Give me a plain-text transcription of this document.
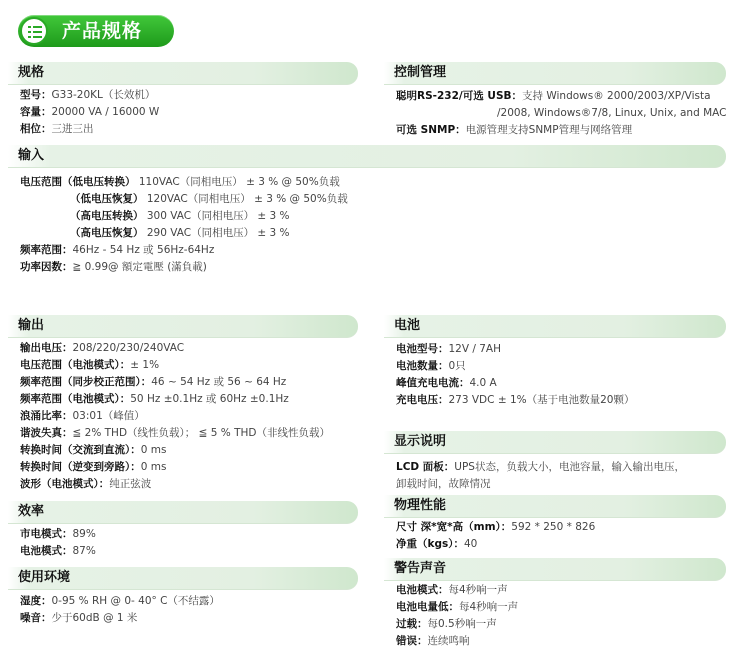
产品规格
规格	控制管理
输入
输出	电池
显示说明
物理性能
效率
警告声音
使用环境
型号：G33-20KL（长效机）
容量：20000 VA / 16000 W
相位：三进三出
聪明RS-232/可选 USB：支持 Windows® 2000/2003/XP/Vista
/2008, Windows®7/8, Linux, Unix, and MAC
可选 SNMP：电源管理支持SNMP管理与网络管理
电压范围（低电压转换） 110VAC（同相电压） ± 3 % @ 50%负载
（低电压恢复） 120VAC（同相电压） ± 3 % @ 50%负载
（高电压转换） 300 VAC（同相电压） ± 3 %
（高电压恢复） 290 VAC（同相电压） ± 3 %
频率范围：46Hz - 54 Hz 或 56Hz-64Hz
功率因数：≧ 0.99@ 額定電壓 (滿負載)
输出电压：208/220/230/240VAC
电压范围（电池模式）：± 1%
频率范围（同步校正范围）：46 ~ 54 Hz 或 56 ~ 64 Hz
频率范围（电池模式）：50 Hz ±0.1Hz 或 60Hz ±0.1Hz
浪涌比率：03:01（峰值）
谐波失真：≦ 2% THD（线性负载）； ≦ 5 % THD（非线性负载）
转换时间（交流到直流）：0 ms
转换时间（逆变到旁路）：0 ms
波形（电池模式）：纯正弦波
市电模式：89%
电池模式：87%
湿度：0-95 % RH @ 0- 40° C（不结露）
噪音：少于60dB @ 1 米
电池型号：12V / 7AH
电池数量：0只
峰值充电电流：4.0 A
充电电压：273 VDC ± 1%（基于电池数量20颗）
LCD 面板：UPS状态，负载大小，电池容量，输入输出电压，
卸载时间，故障情况
尺寸 深*宽*高（mm）：592 * 250 * 826
净重（kgs）：40
电池模式：每4秒响一声
电池电量低：每4秒响一声
过载：每0.5秒响一声
错误：连续鸣响
